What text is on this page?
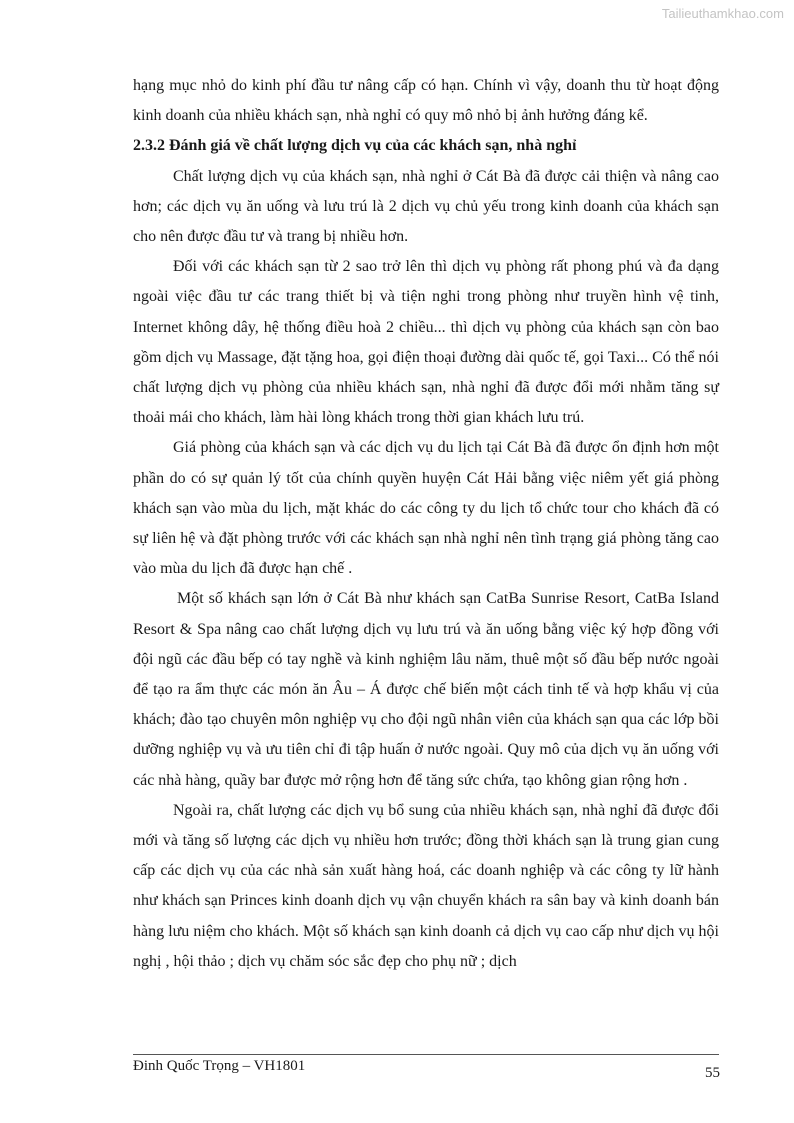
Tailieuthamkhao.com

hạng mục nhỏ do kinh phí đầu tư nâng cấp có hạn. Chính vì vậy, doanh thu từ hoạt động kinh doanh của nhiều khách sạn, nhà nghỉ có quy mô nhỏ bị ảnh hưởng đáng kể.

2.3.2 Đánh giá về chất lượng dịch vụ của các khách sạn, nhà nghỉ

Chất lượng dịch vụ của khách sạn, nhà nghỉ ở Cát Bà đã được cải thiện và nâng cao hơn; các dịch vụ ăn uống và lưu trú là 2 dịch vụ chủ yếu trong kinh doanh của khách sạn cho nên được đầu tư và trang bị nhiều hơn.

Đối với các khách sạn từ 2 sao trở lên thì dịch vụ phòng rất phong phú và đa dạng ngoài việc đầu tư các trang thiết bị và tiện nghi trong phòng như truyền hình vệ tinh, Internet không dây, hệ thống điều hoà 2 chiều... thì dịch vụ phòng của khách sạn còn bao gồm dịch vụ Massage, đặt tặng hoa, gọi điện thoại đường dài quốc tế, gọi Taxi... Có thể nói chất lượng dịch vụ phòng của nhiều khách sạn, nhà nghỉ đã được đổi mới nhằm tăng sự thoải mái cho khách, làm hài lòng khách trong thời gian khách lưu trú.

Giá phòng của khách sạn và các dịch vụ du lịch tại Cát Bà đã được ổn định hơn một phần do có sự quản lý tốt của chính quyền huyện Cát Hải bằng việc niêm yết giá phòng khách sạn vào mùa du lịch, mặt khác do các công ty du lịch tổ chức tour cho khách đã có sự liên hệ và đặt phòng trước với các khách sạn nhà nghỉ nên tình trạng giá phòng tăng cao vào mùa du lịch đã được hạn chế .

Một số khách sạn lớn ở Cát Bà như khách sạn CatBa Sunrise Resort, CatBa Island Resort & Spa nâng cao chất lượng dịch vụ lưu trú và ăn uống bằng việc ký hợp đồng với đội ngũ các đầu bếp có tay nghề và kinh nghiệm lâu năm, thuê một số đầu bếp nước ngoài để tạo ra ẩm thực các món ăn Âu – Á được chế biến một cách tinh tế và hợp khẩu vị của khách; đào tạo chuyên môn nghiệp vụ cho đội ngũ nhân viên của khách sạn qua các lớp bồi dưỡng nghiệp vụ và ưu tiên chỉ đi tập huấn ở nước ngoài. Quy mô của dịch vụ ăn uống với các nhà hàng, quầy bar được mở rộng hơn để tăng sức chứa, tạo không gian rộng hơn .

Ngoài ra, chất lượng các dịch vụ bổ sung của nhiều khách sạn, nhà nghỉ đã được đổi mới và tăng số lượng các dịch vụ nhiều hơn trước; đồng thời khách sạn là trung gian cung cấp các dịch vụ của các nhà sản xuất hàng hoá, các doanh nghiệp và các công ty lữ hành như khách sạn Princes kinh doanh dịch vụ vận chuyển khách ra sân bay và kinh doanh bán hàng lưu niệm cho khách. Một số khách sạn kinh doanh cả dịch vụ cao cấp như dịch vụ hội nghị , hội thảo ; dịch vụ chăm sóc sắc đẹp cho phụ nữ ; dịch

Đinh Quốc Trọng – VH1801	55
